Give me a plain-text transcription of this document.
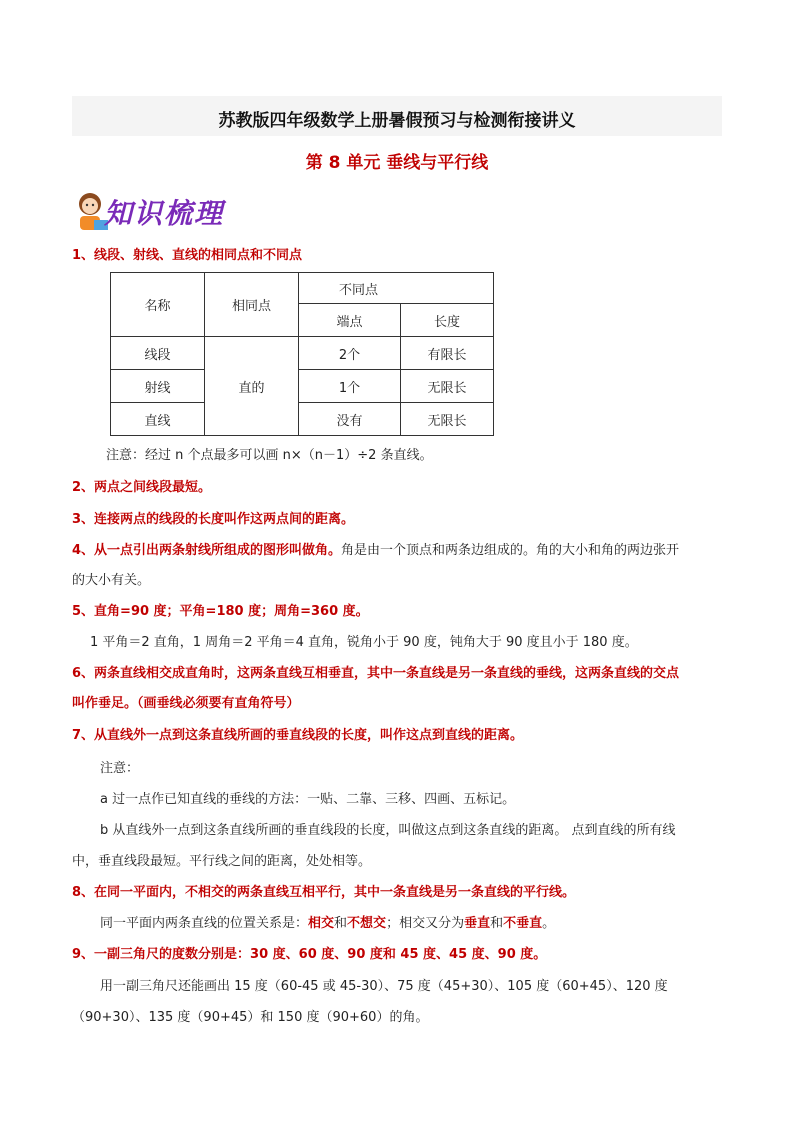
苏教版四年级数学上册暑假预习与检测衔接讲义
第 8 单元 垂线与平行线
知识梳理
1、线段、射线、直线的相同点和不同点
名称	相同点	不同点	
		端点	长度
线段	直的	2个	有限长
射线		1个	无限长
直线		没有	无限长
注意：经过 n 个点最多可以画 n×（n－1）÷2 条直线。
2、两点之间线段最短。
3、连接两点的线段的长度叫作这两点间的距离。
4、从一点引出两条射线所组成的图形叫做角。角是由一个顶点和两条边组成的。角的大小和角的两边张开
的大小有关。
5、直角=90 度；平角=180 度；周角=360 度。
1 平角＝2 直角，1 周角＝2 平角＝4 直角，锐角小于 90 度，钝角大于 90 度且小于 180 度。
6、两条直线相交成直角时，这两条直线互相垂直，其中一条直线是另一条直线的垂线，这两条直线的交点
叫作垂足。（画垂线必须要有直角符号）
7、从直线外一点到这条直线所画的垂直线段的长度，叫作这点到直线的距离。
注意：
a 过一点作已知直线的垂线的方法：一贴、二靠、三移、四画、五标记。
b 从直线外一点到这条直线所画的垂直线段的长度，叫做这点到这条直线的距离。 点到直线的所有线
中，垂直线段最短。平行线之间的距离，处处相等。
8、在同一平面内，不相交的两条直线互相平行，其中一条直线是另一条直线的平行线。
同一平面内两条直线的位置关系是：相交和不想交；相交又分为垂直和不垂直。
9、一副三角尺的度数分别是：30 度、60 度、90 度和 45 度、45 度、90 度。
用一副三角尺还能画出 15 度（60-45 或 45-30）、75 度（45+30）、105 度（60+45）、120 度
（90+30）、135 度（90+45）和 150 度（90+60）的角。
